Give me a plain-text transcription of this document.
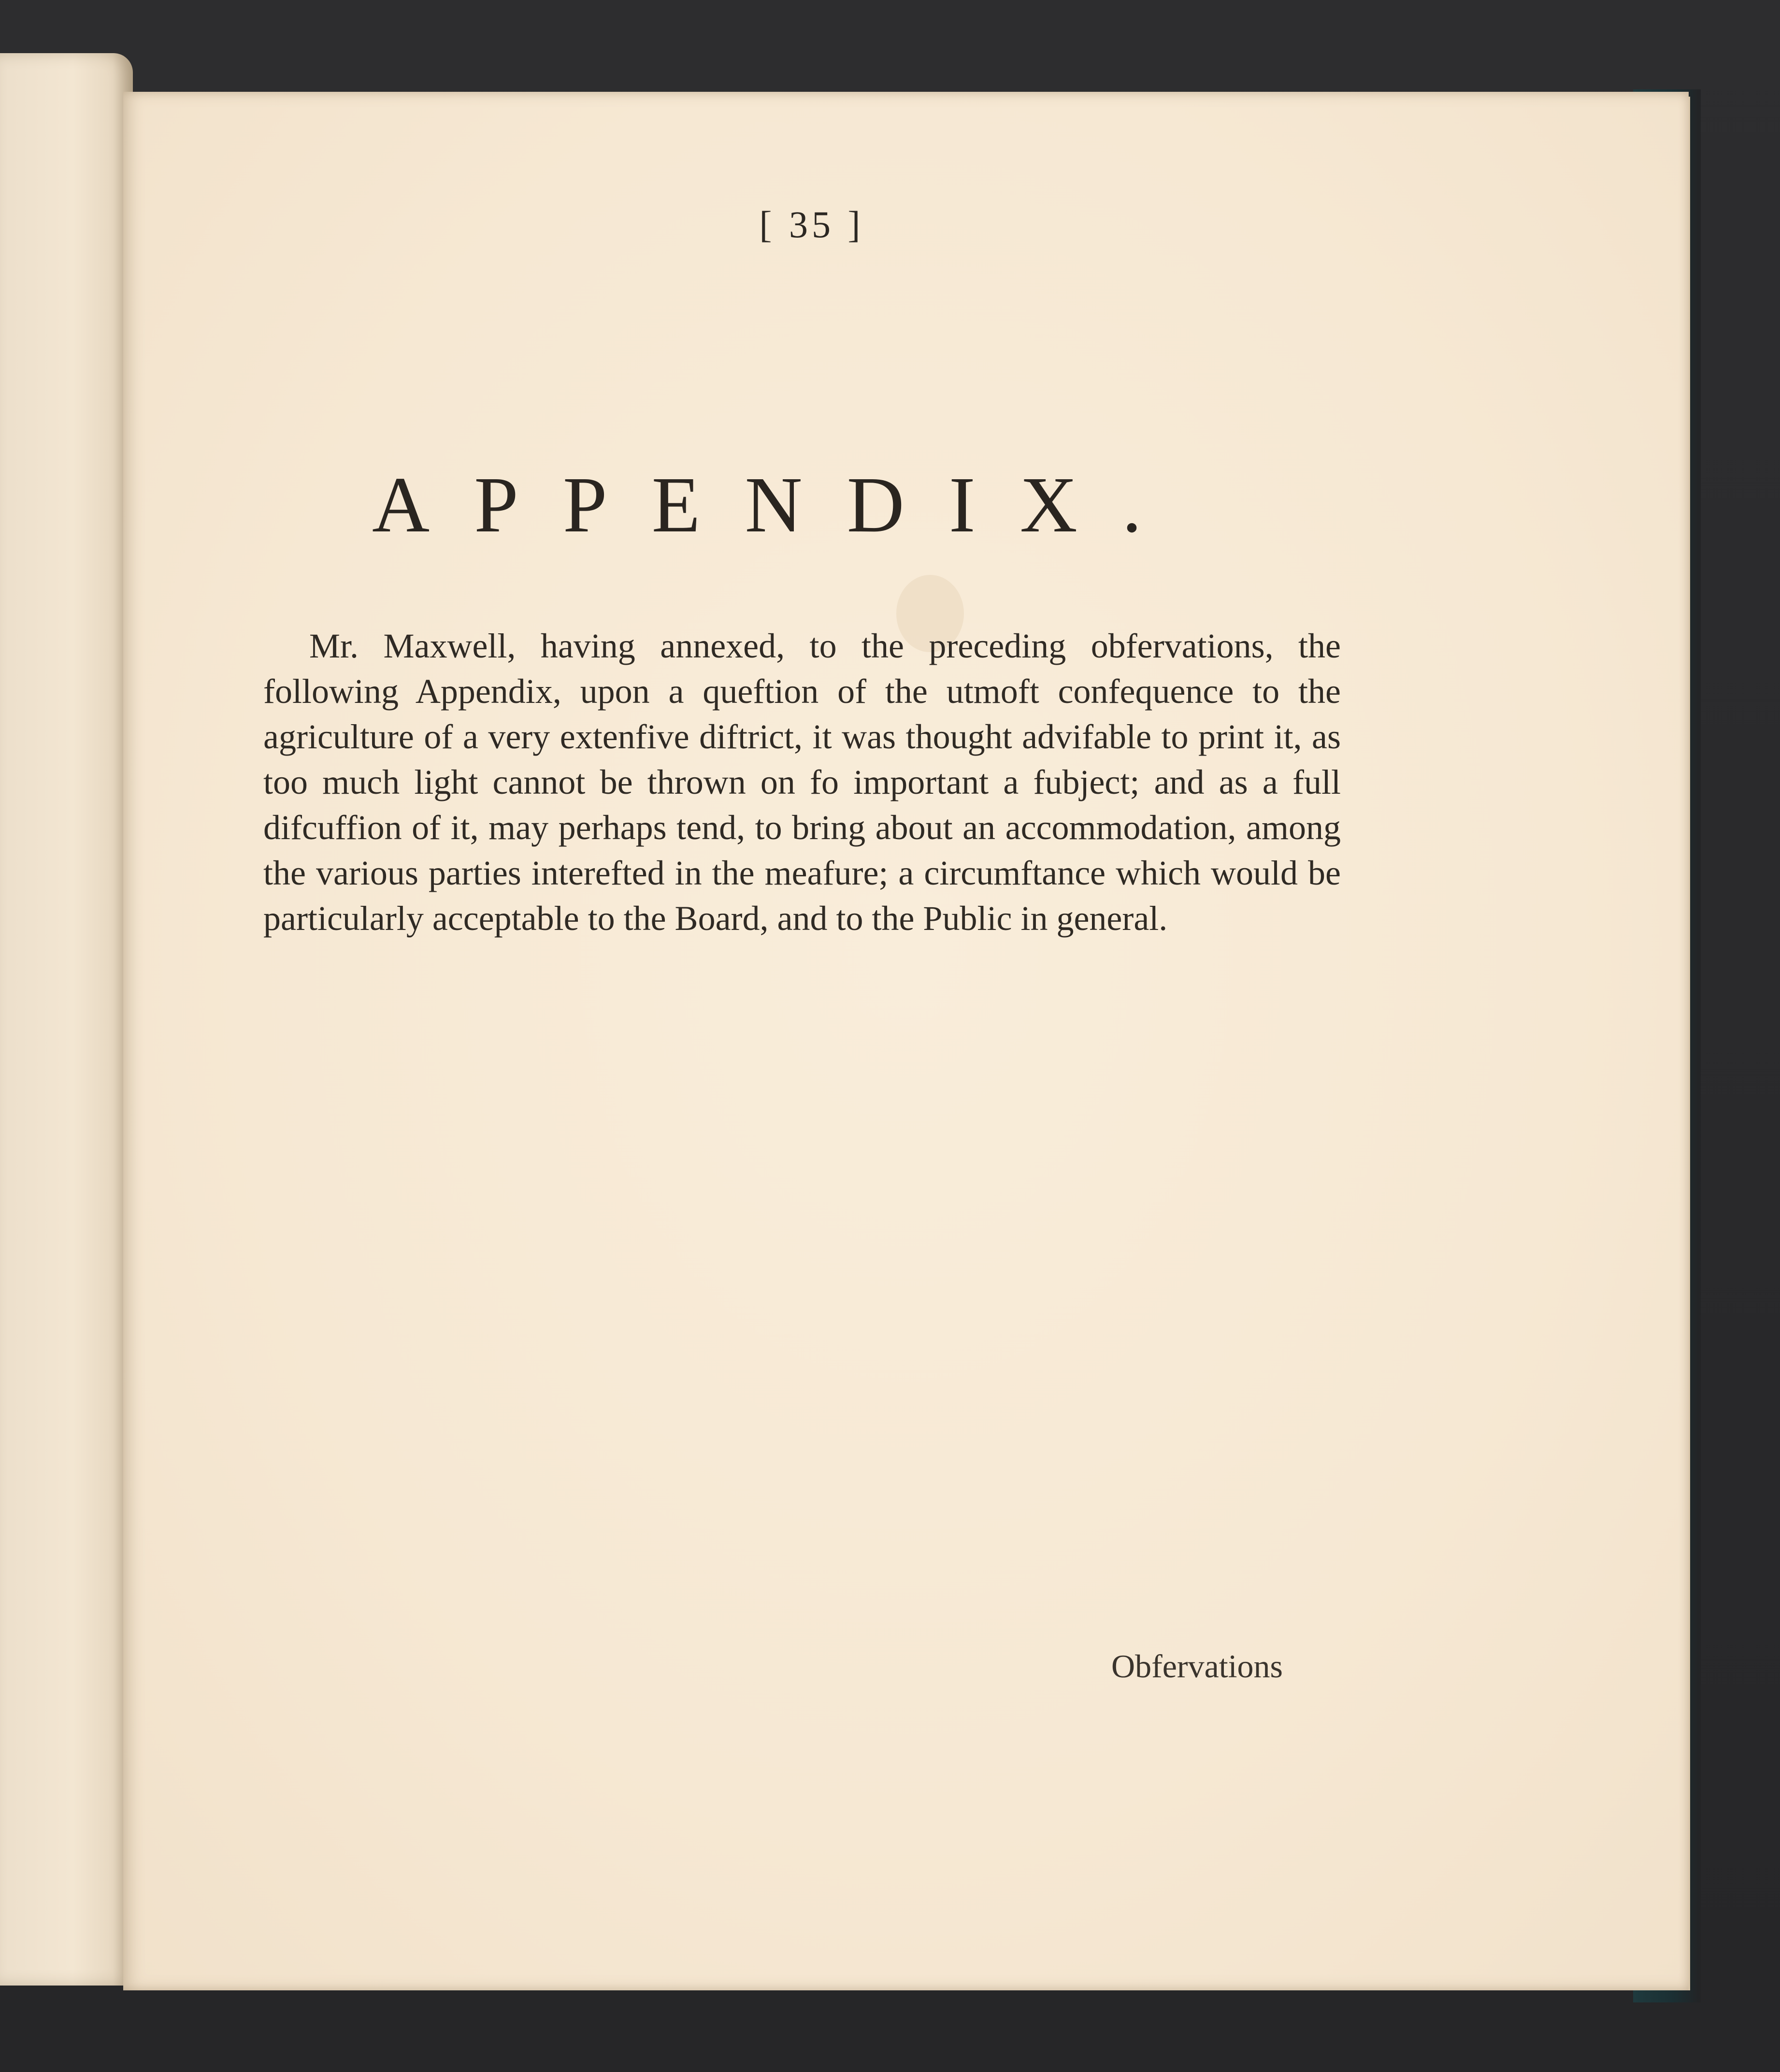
[ 35 ]
APPENDIX.
Mr. Maxwell, having annexed, to the preceding obfervations, the following Appendix, upon a queftion of the utmoft confequence to the agriculture of a very extenfive diftrict, it was thought advifable to print it, as too much light cannot be thrown on fo important a fubject; and as a full difcuffion of it, may perhaps tend, to bring about an accommodation, among the various parties interefted in the meafure; a circumftance which would be particularly acceptable to the Board, and to the Public in general.
Obfervations
